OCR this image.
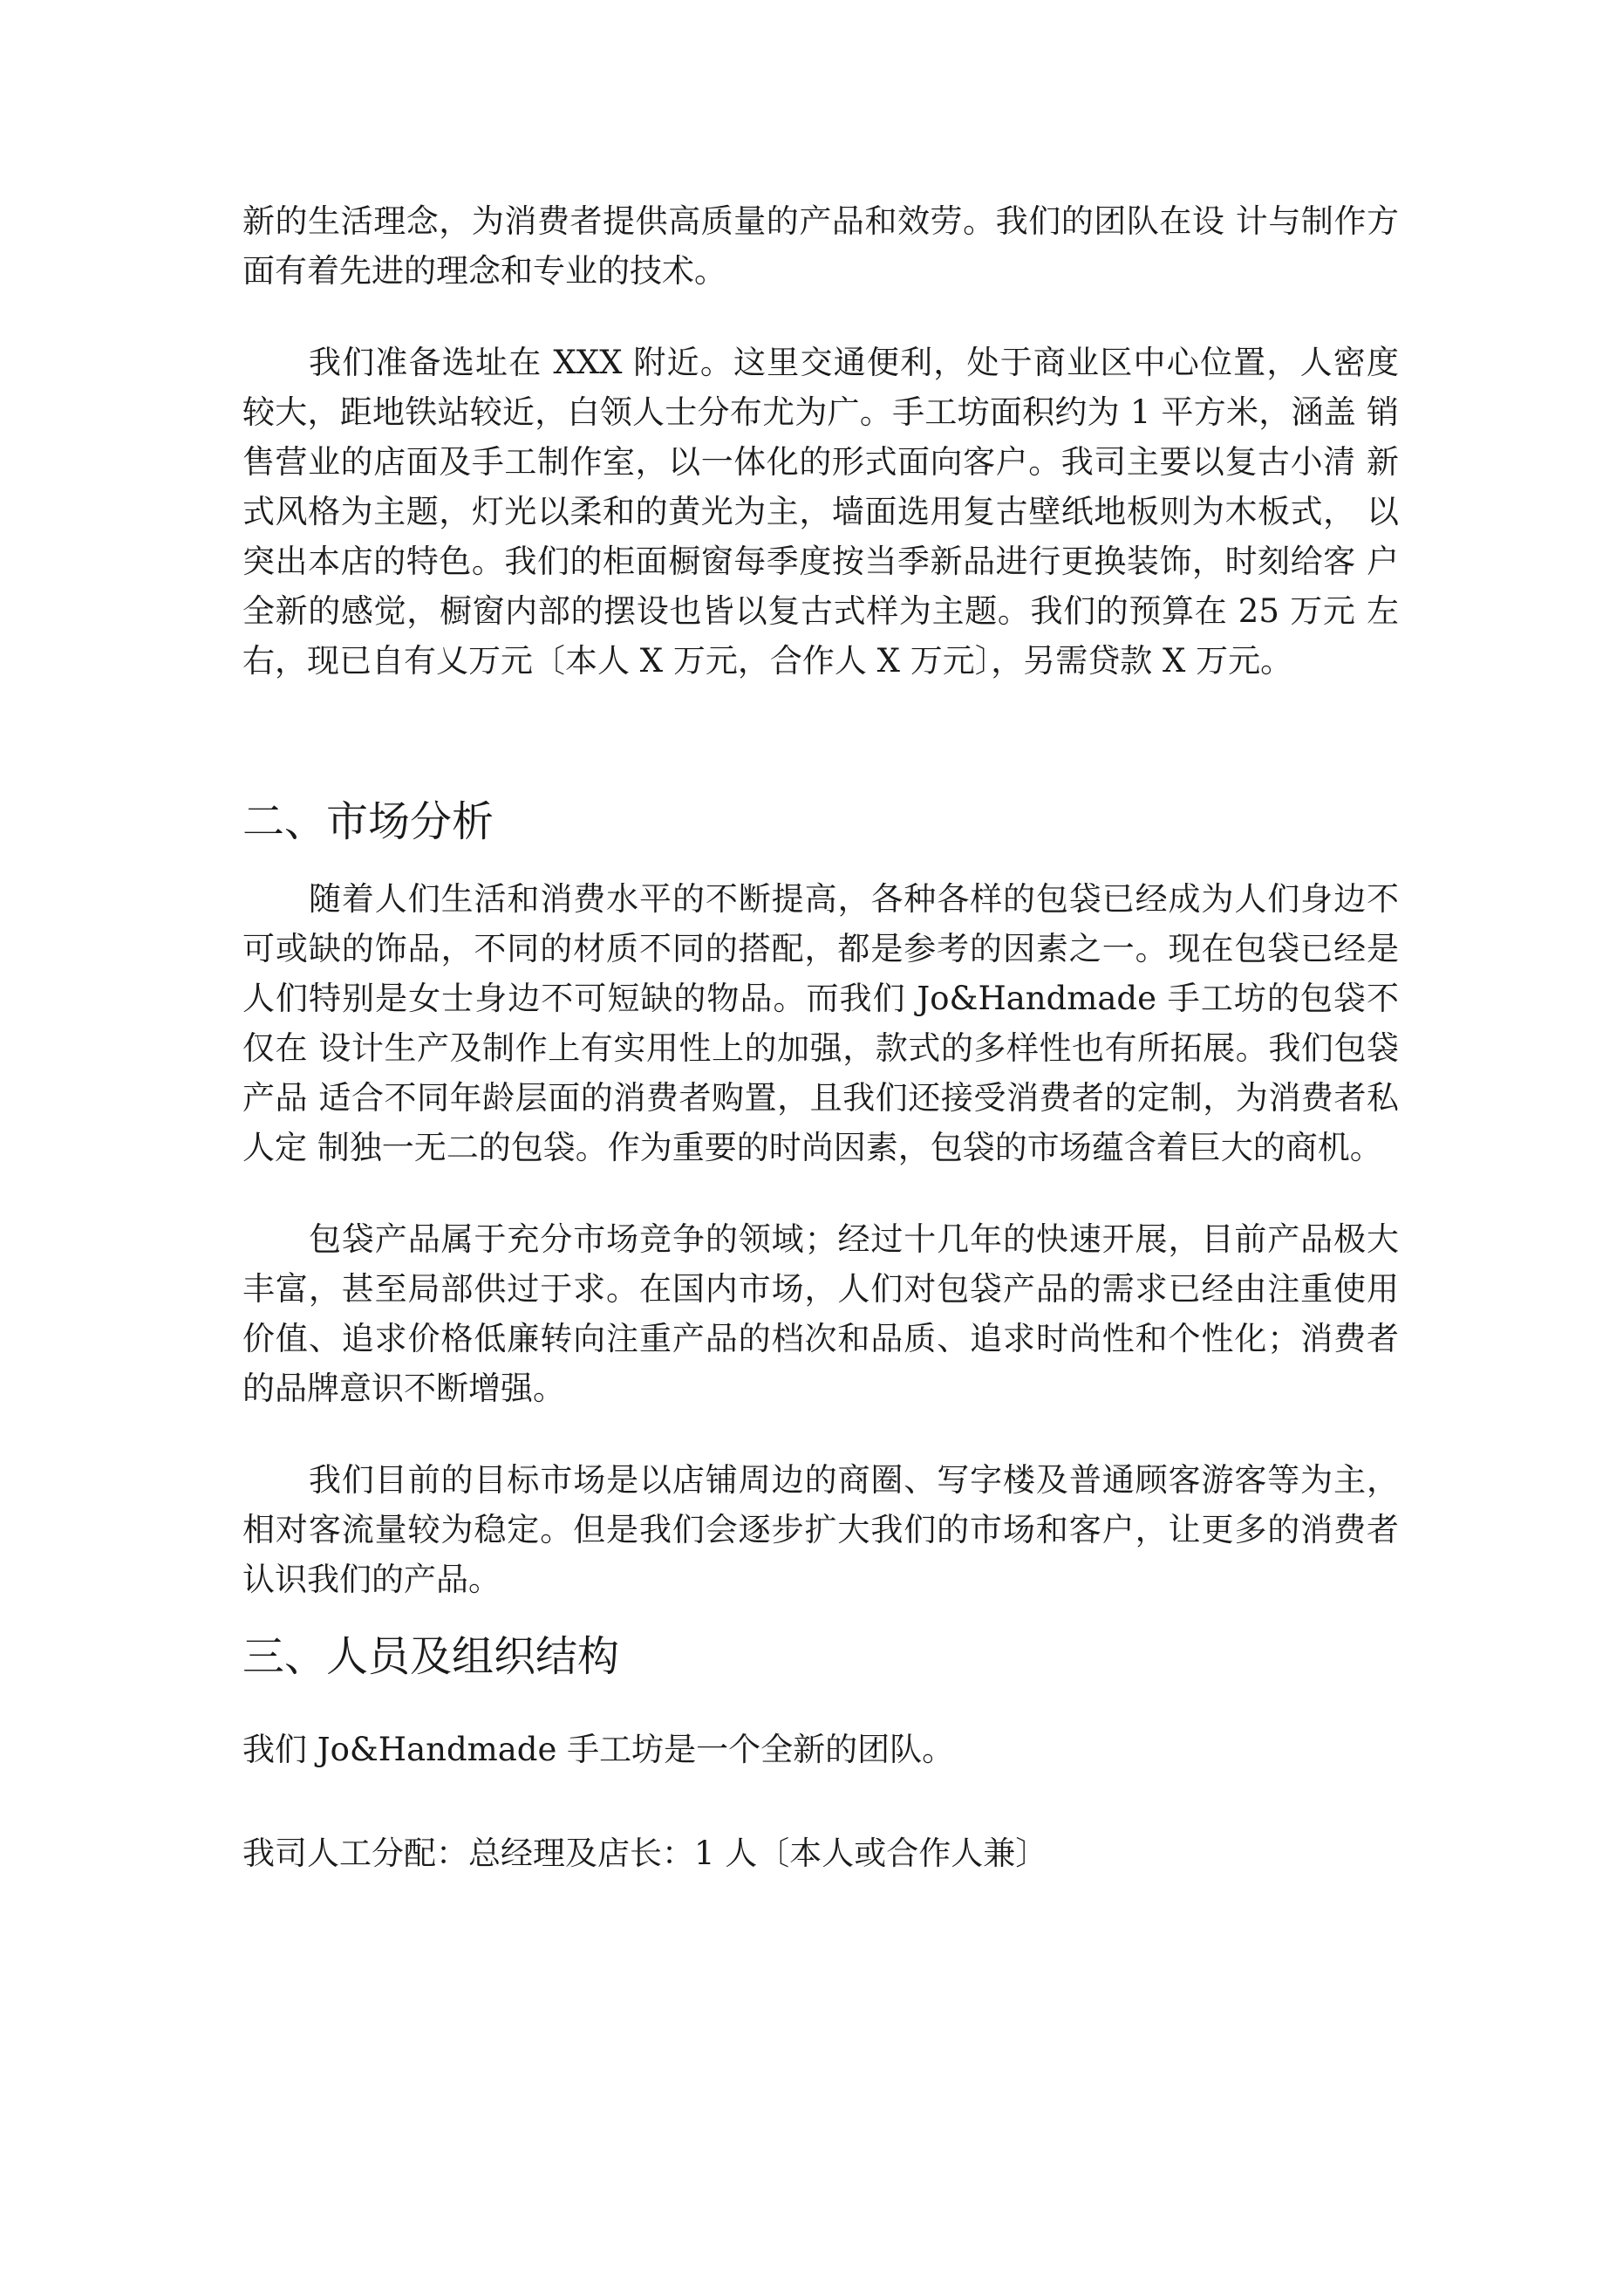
新的生活理念，为消费者提供高质量的产品和效劳。我们的团队在设 计与制作方面有着先进的理念和专业的技术。

我们准备选址在 XXX 附近。这里交通便利，处于商业区中心位置，人密度 较大，距地铁站较近，白领人士分布尤为广。手工坊面积约为 1 平方米，涵盖 销售营业的店面及手工制作室，以一体化的形式面向客户。我司主要以复古小清 新式风格为主题，灯光以柔和的黄光为主，墙面选用复古壁纸地板则为木板式， 以突出本店的特色。我们的柜面橱窗每季度按当季新品进行更换装饰，时刻给客 户全新的感觉，橱窗内部的摆设也皆以复古式样为主题。我们的预算在 25 万元 左右，现已自有乂万元〔本人 X 万元，合作人 X 万元〕，另需贷款 X 万元。

二、市场分析

随着人们生活和消费水平的不断提高，各种各样的包袋已经成为人们身边不 可或缺的饰品，不同的材质不同的搭配，都是参考的因素之一。现在包袋已经是 人们特别是女士身边不可短缺的物品。而我们 Jo&Handmade 手工坊的包袋不仅在 设计生产及制作上有实用性上的加强，款式的多样性也有所拓展。我们包袋产品 适合不同年龄层面的消费者购置，且我们还接受消费者的定制，为消费者私人定 制独一无二的包袋。作为重要的时尚因素，包袋的市场蕴含着巨大的商机。

包袋产品属于充分市场竞争的领域；经过十几年的快速开展，目前产品极大 丰富，甚至局部供过于求。在国内市场，人们对包袋产品的需求已经由注重使用 价值、追求价格低廉转向注重产品的档次和品质、追求时尚性和个性化；消费者 的品牌意识不断增强。

我们目前的目标市场是以店铺周边的商圈、写字楼及普通顾客游客等为主， 相对客流量较为稳定。但是我们会逐步扩大我们的市场和客户，让更多的消费者 认识我们的产品。

三、人员及组织结构

我们 Jo&Handmade 手工坊是一个全新的团队。

我司人工分配：总经理及店长：1 人〔本人或合作人兼〕
